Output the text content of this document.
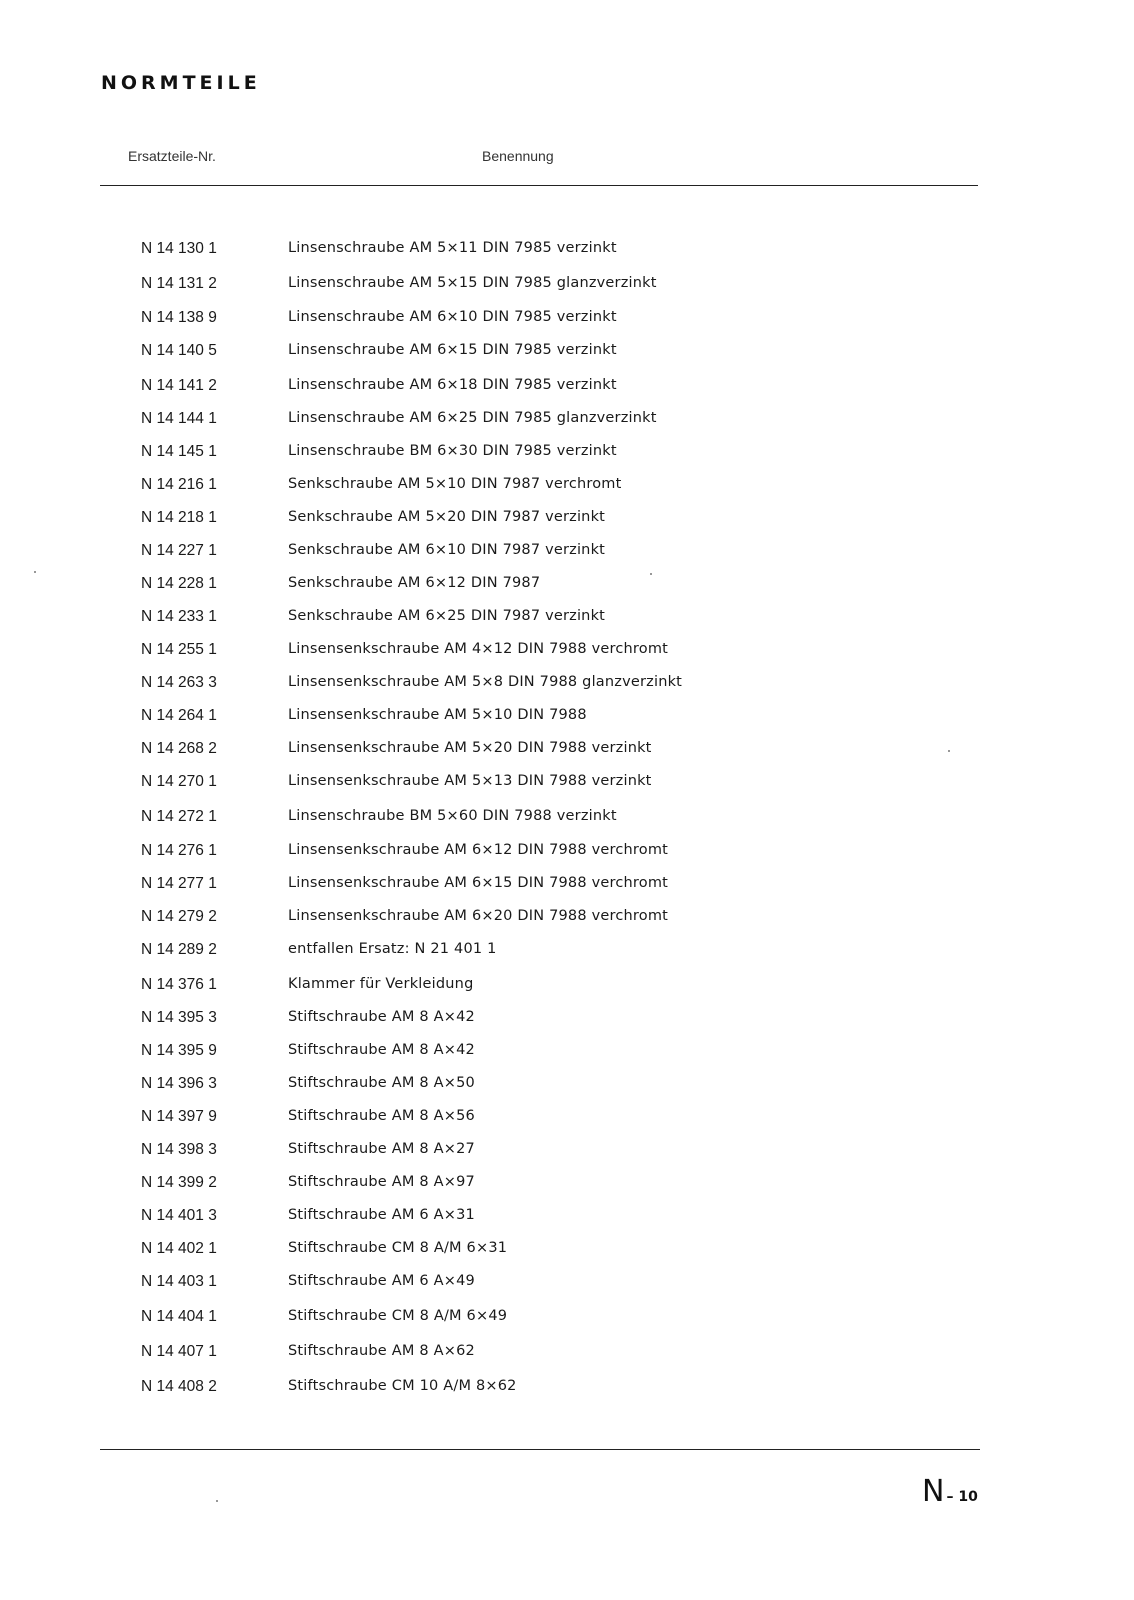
NORMTEILE
Ersatzteile-Nr.	Benennung
N 14 130 1	Linsenschraube AM 5×11 DIN 7985 verzinkt
N 14 131 2	Linsenschraube AM 5×15 DIN 7985 glanzverzinkt
N 14 138 9	Linsenschraube AM 6×10 DIN 7985 verzinkt
N 14 140 5	Linsenschraube AM 6×15 DIN 7985 verzinkt
N 14 141 2	Linsenschraube AM 6×18 DIN 7985 verzinkt
N 14 144 1	Linsenschraube AM 6×25 DIN 7985 glanzverzinkt
N 14 145 1	Linsenschraube BM 6×30 DIN 7985 verzinkt
N 14 216 1	Senkschraube AM 5×10 DIN 7987 verchromt
N 14 218 1	Senkschraube AM 5×20 DIN 7987 verzinkt
N 14 227 1	Senkschraube AM 6×10 DIN 7987 verzinkt
N 14 228 1	Senkschraube AM 6×12 DIN 7987
N 14 233 1	Senkschraube AM 6×25 DIN 7987 verzinkt
N 14 255 1	Linsensenkschraube AM 4×12 DIN 7988 verchromt
N 14 263 3	Linsensenkschraube AM 5×8 DIN 7988 glanzverzinkt
N 14 264 1	Linsensenkschraube AM 5×10 DIN 7988
N 14 268 2	Linsensenkschraube AM 5×20 DIN 7988 verzinkt
N 14 270 1	Linsensenkschraube AM 5×13 DIN 7988 verzinkt
N 14 272 1	Linsenschraube BM 5×60 DIN 7988 verzinkt
N 14 276 1	Linsensenkschraube AM 6×12 DIN 7988 verchromt
N 14 277 1	Linsensenkschraube AM 6×15 DIN 7988 verchromt
N 14 279 2	Linsensenkschraube AM 6×20 DIN 7988 verchromt
N 14 289 2	entfallen Ersatz: N 21 401 1
N 14 376 1	Klammer für Verkleidung
N 14 395 3	Stiftschraube AM 8 A×42
N 14 395 9	Stiftschraube AM 8 A×42
N 14 396 3	Stiftschraube AM 8 A×50
N 14 397 9	Stiftschraube AM 8 A×56
N 14 398 3	Stiftschraube AM 8 A×27
N 14 399 2	Stiftschraube AM 8 A×97
N 14 401 3	Stiftschraube AM 6 A×31
N 14 402 1	Stiftschraube CM 8 A/M 6×31
N 14 403 1	Stiftschraube AM 6 A×49
N 14 404 1	Stiftschraube CM 8 A/M 6×49
N 14 407 1	Stiftschraube AM 8 A×62
N 14 408 2	Stiftschraube CM 10 A/M 8×62
N – 10
